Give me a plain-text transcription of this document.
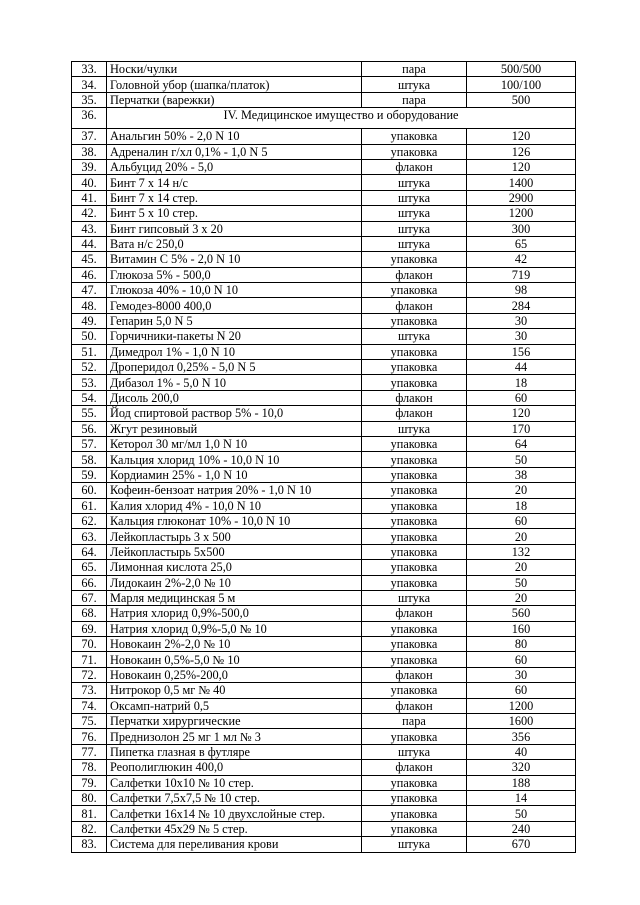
33.	Носки/чулки	пара	500/500
34.	Головной убор (шапка/платок)	штука	100/100
35.	Перчатки (варежки)	пара	500
36.	IV. Медицинское имущество и оборудование		
37.	Анальгин 50% - 2,0 N 10	упаковка	120
38.	Адреналин г/хл 0,1% - 1,0 N 5	упаковка	126
39.	Альбуцид 20% - 5,0	флакон	120
40.	Бинт 7 х 14 н/с	штука	1400
41.	Бинт 7 х 14 стер.	штука	2900
42.	Бинт 5 х 10 стер.	штука	1200
43.	Бинт гипсовый 3 х 20	штука	300
44.	Вата н/с 250,0	штука	65
45.	Витамин С 5% - 2,0 N 10	упаковка	42
46.	Глюкоза 5% - 500,0	флакон	719
47.	Глюкоза 40% - 10,0 N 10	упаковка	98
48.	Гемодез-8000 400,0	флакон	284
49.	Гепарин 5,0 N 5	упаковка	30
50.	Горчичники-пакеты N 20	штука	30
51.	Димедрол 1% - 1,0 N 10	упаковка	156
52.	Дроперидол 0,25% - 5,0 N 5	упаковка	44
53.	Дибазол 1% - 5,0 N 10	упаковка	18
54.	Дисоль 200,0	флакон	60
55.	Йод спиртовой раствор 5% - 10,0	флакон	120
56.	Жгут резиновый	штука	170
57.	Кеторол 30 мг/мл 1,0 N 10	упаковка	64
58.	Кальция хлорид 10% - 10,0 N 10	упаковка	50
59.	Кордиамин 25% - 1,0 N 10	упаковка	38
60.	Кофеин-бензоат натрия 20% - 1,0 N 10	упаковка	20
61.	Калия хлорид 4% - 10,0 N 10	упаковка	18
62.	Кальция глюконат 10% - 10,0 N 10	упаковка	60
63.	Лейкопластырь 3 х 500	упаковка	20
64.	Лейкопластырь 5х500	упаковка	132
65.	Лимонная кислота 25,0	упаковка	20
66.	Лидокаин 2%-2,0 № 10	упаковка	50
67.	Марля медицинская 5 м	штука	20
68.	Натрия хлорид 0,9%-500,0	флакон	560
69.	Натрия хлорид 0,9%-5,0 № 10	упаковка	160
70.	Новокаин 2%-2,0 № 10	упаковка	80
71.	Новокаин 0,5%-5,0 № 10	упаковка	60
72.	Новокаин 0,25%-200,0	флакон	30
73.	Нитрокор 0,5 мг № 40	упаковка	60
74.	Оксамп-натрий 0,5	флакон	1200
75.	Перчатки хирургические	пара	1600
76.	Преднизолон 25 мг 1 мл № 3	упаковка	356
77.	Пипетка глазная в футляре	штука	40
78.	Реополиглюкин 400,0	флакон	320
79.	Салфетки 10х10 № 10 стер.	упаковка	188
80.	Салфетки 7,5х7,5 № 10 стер.	упаковка	14
81.	Салфетки 16х14 № 10 двухслойные стер.	упаковка	50
82.	Салфетки 45х29 № 5 стер.	упаковка	240
83.	Система для переливания крови	штука	670
